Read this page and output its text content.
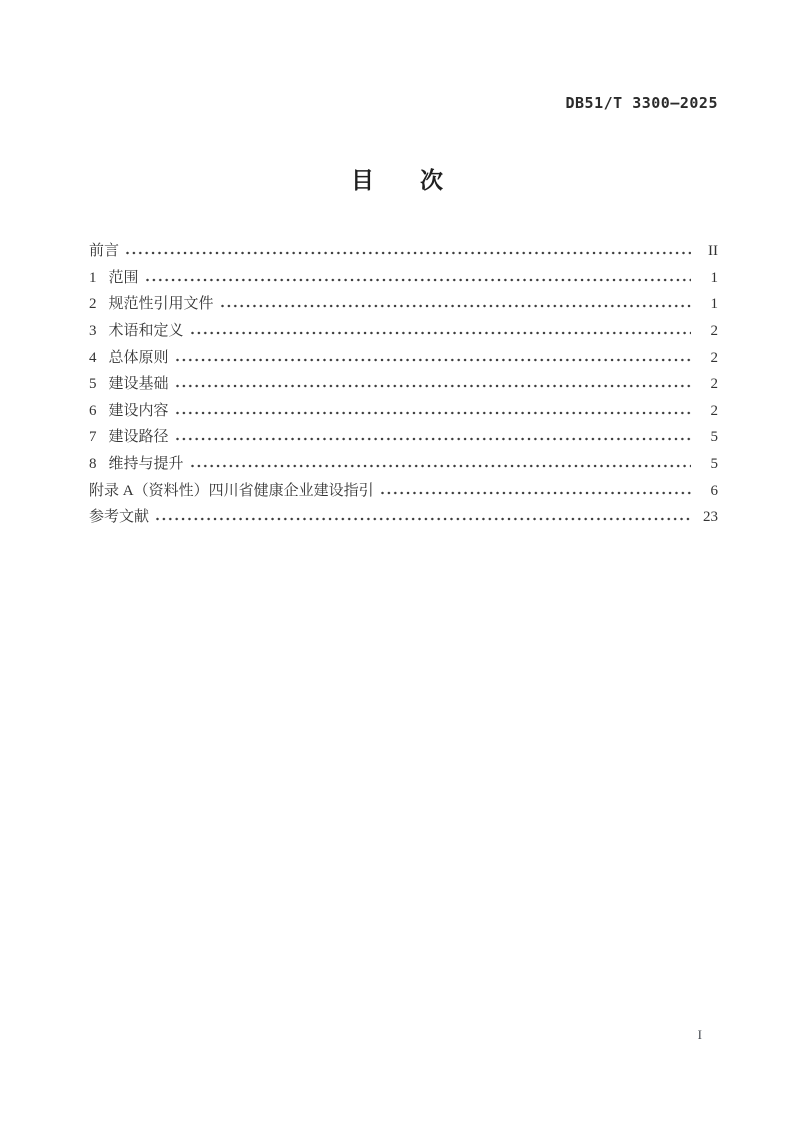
DB51/T 3300—2025
目　　次
前言	II
1 范围	1
2 规范性引用文件	1
3 术语和定义	2
4 总体原则	2
5 建设基础	2
6 建设内容	2
7 建设路径	5
8 维持与提升	5
附录 A（资料性）四川省健康企业建设指引	6
参考文献	23
I
